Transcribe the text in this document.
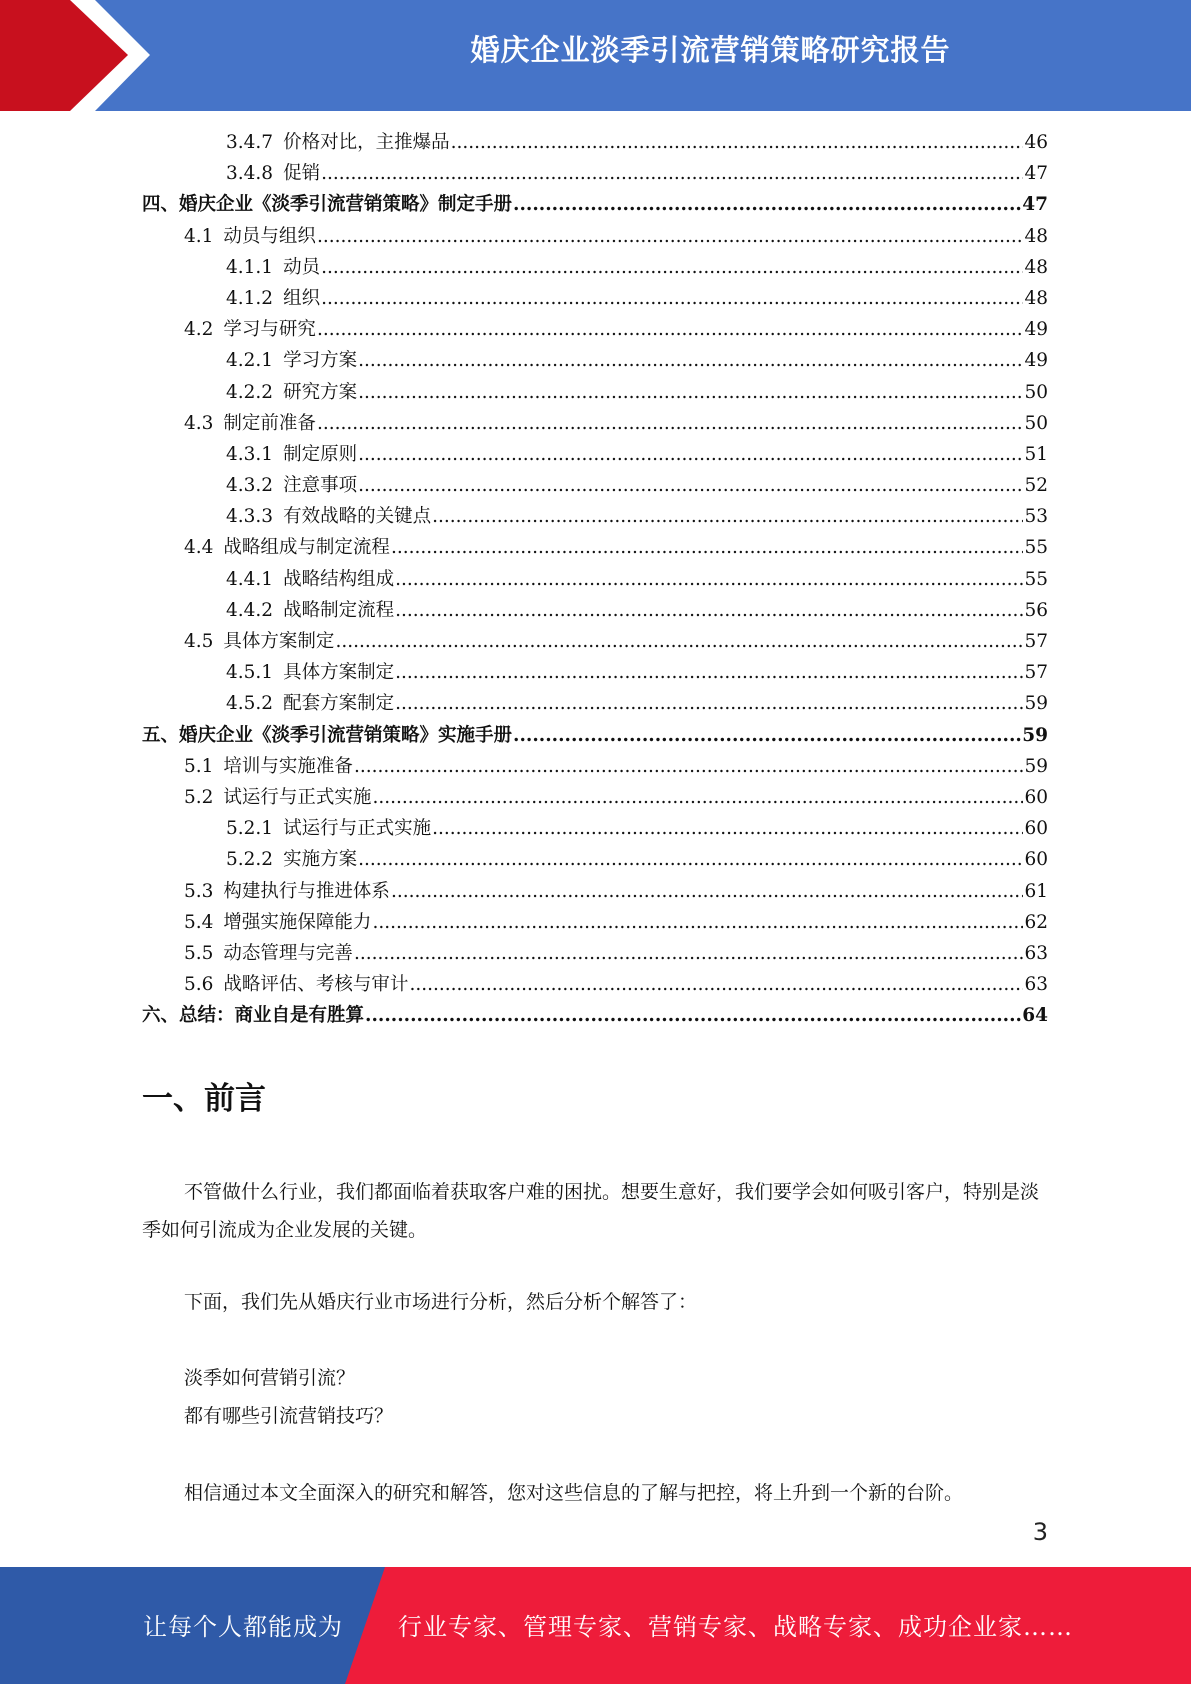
婚庆企业淡季引流营销策略研究报告
3.4.7 价格对比，主推爆品 .....	46
3.4.8 促销 .....	47
四、婚庆企业《淡季引流营销策略》制定手册 .....	47
4.1 动员与组织 .....	48
4.1.1 动员 .....	48
4.1.2 组织 .....	48
4.2 学习与研究 .....	49
4.2.1 学习方案 .....	49
4.2.2 研究方案 .....	50
4.3 制定前准备 .....	50
4.3.1 制定原则 .....	51
4.3.2 注意事项 .....	52
4.3.3 有效战略的关键点 .....	53
4.4 战略组成与制定流程 .....	55
4.4.1 战略结构组成 .....	55
4.4.2 战略制定流程 .....	56
4.5 具体方案制定 .....	57
4.5.1 具体方案制定 .....	57
4.5.2 配套方案制定 .....	59
五、婚庆企业《淡季引流营销策略》实施手册 .....	59
5.1 培训与实施准备 .....	59
5.2 试运行与正式实施 .....	60
5.2.1 试运行与正式实施 .....	60
5.2.2 实施方案 .....	60
5.3 构建执行与推进体系 .....	61
5.4 增强实施保障能力 .....	62
5.5 动态管理与完善 .....	63
5.6 战略评估、考核与审计 .....	63
六、总结：商业自是有胜算 .....	64
一、前言
不管做什么行业，我们都面临着获取客户难的困扰。想要生意好，我们要学会如何吸引客户，特别是淡季如何引流成为企业发展的关键。
下面，我们先从婚庆行业市场进行分析，然后分析个解答了：
淡季如何营销引流？
都有哪些引流营销技巧？
相信通过本文全面深入的研究和解答，您对这些信息的了解与把控，将上升到一个新的台阶。
3
让每个人都能成为 行业专家、管理专家、营销专家、战略专家、成功企业家……
